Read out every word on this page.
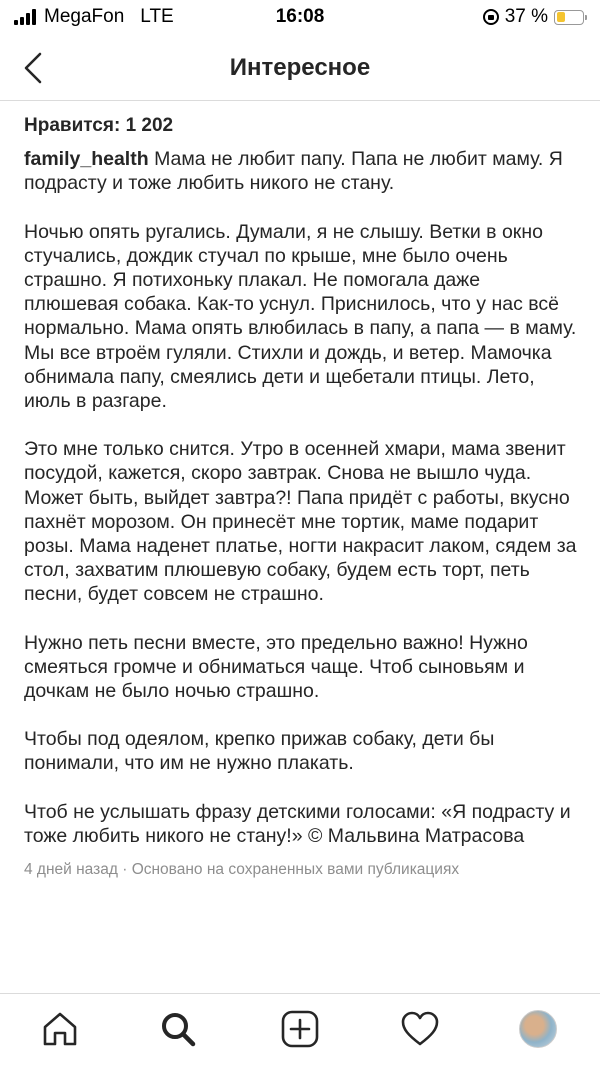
MegaFon LTE	16:08	37 %
Интересное
Нравится: 1 202

family_health Мама не любит папу. Папа не любит маму. Я подрасту и тоже любить никого не стану.

Ночью опять ругались. Думали, я не слышу. Ветки в окно стучались, дождик стучал по крыше, мне было очень страшно. Я потихоньку плакал. Не помогала даже плюшевая собака. Как-то уснул. Приснилось, что у нас всё нормально. Мама опять влюбилась в папу, а папа — в маму. Мы все втроём гуляли. Стихли и дождь, и ветер. Мамочка обнимала папу, смеялись дети и щебетали птицы. Лето, июль в разгаре.

Это мне только снится. Утро в осенней хмари, мама звенит посудой, кажется, скоро завтрак. Снова не вышло чуда. Может быть, выйдет завтра?! Папа придёт с работы, вкусно пахнёт морозом. Он принесёт мне тортик, маме подарит розы. Мама наденет платье, ногти накрасит лаком, сядем за стол, захватим плюшевую собаку, будем есть торт, петь песни, будет совсем не страшно.

Нужно петь песни вместе, это предельно важно! Нужно смеяться громче и обниматься чаще. Чтоб сыновьям и дочкам не было ночью страшно.

Чтобы под одеялом, крепко прижав собаку, дети бы понимали, что им не нужно плакать.

Чтоб не услышать фразу детскими голосами: «Я подрасту и тоже любить никого не стану!» © Мальвина Матрасова

4 дней назад · Основано на сохраненных вами публикациях
